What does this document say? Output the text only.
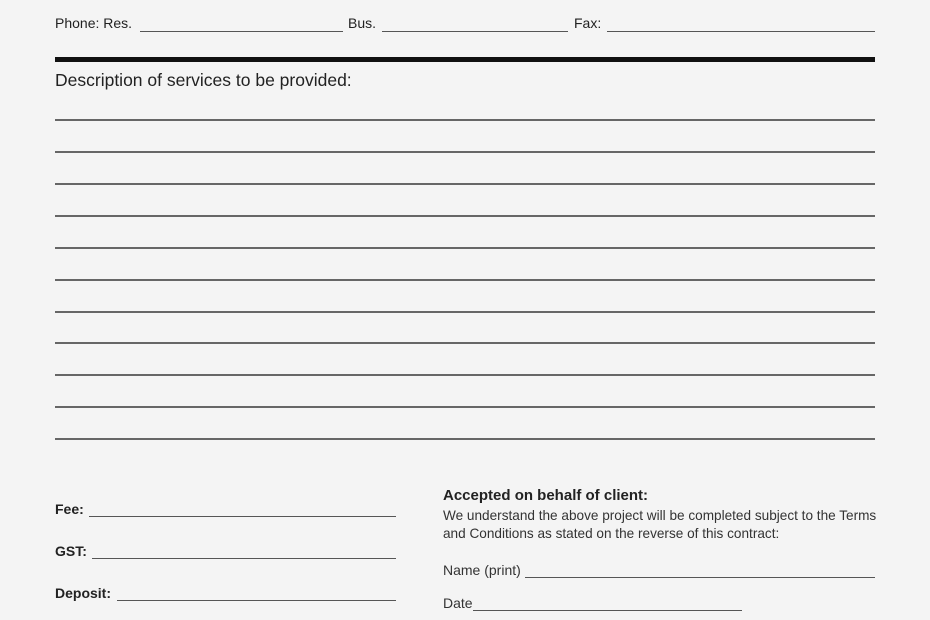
Phone: Res.	Bus.	Fax:
Description of services to be provided:
Fee:
GST:
Deposit:
Accepted on behalf of client:
We understand the above project will be completed subject to the Terms and Conditions as stated on the reverse of this contract:
Name (print)
Date
